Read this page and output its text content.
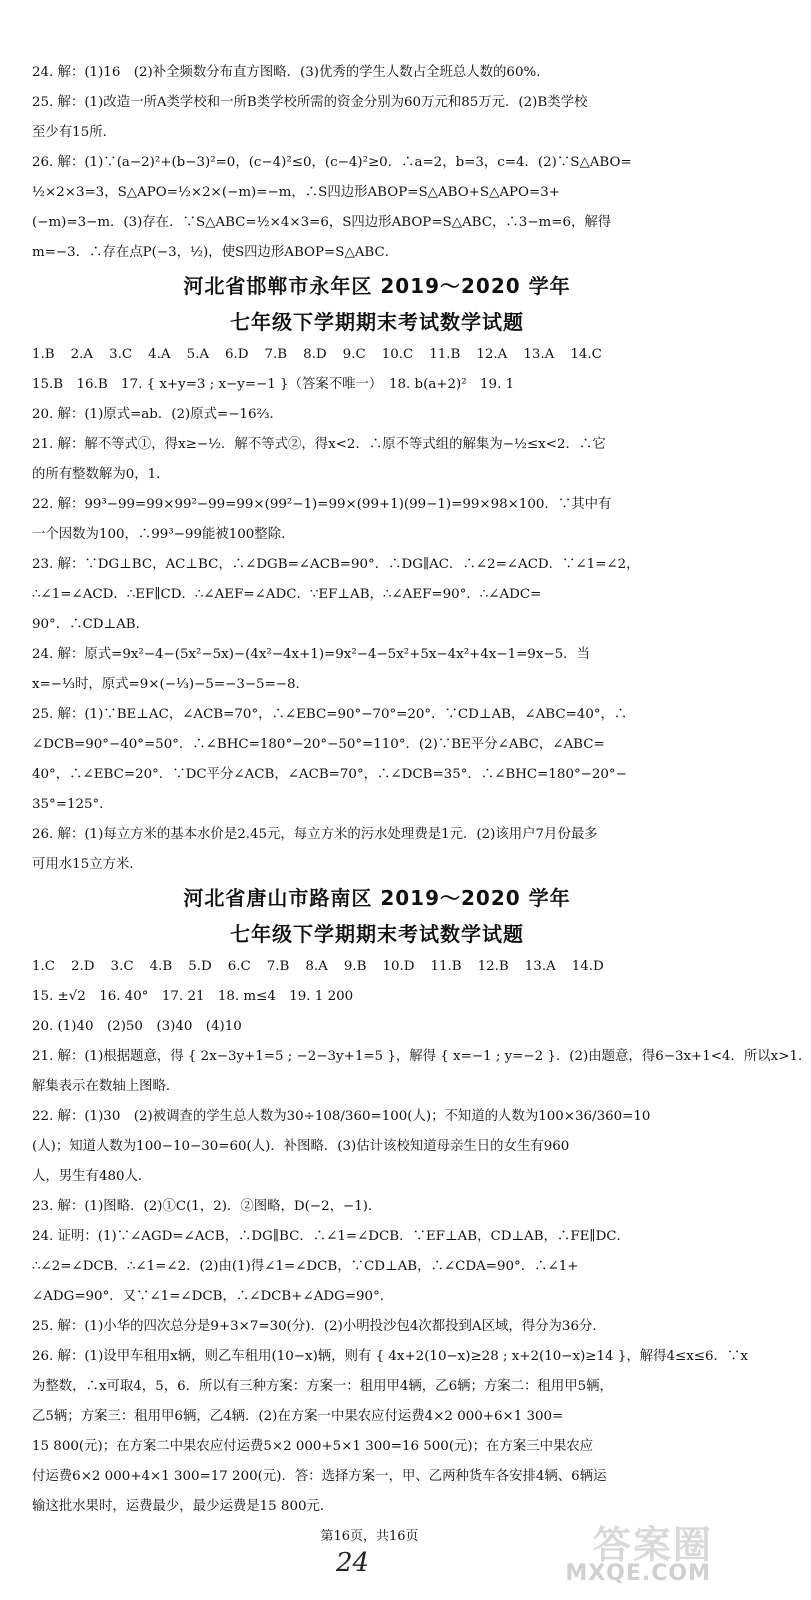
24. 解：(1)16　(2)补全频数分布直方图略．(3)优秀的学生人数占全班总人数的60%．
25. 解：(1)改造一所A类学校和一所B类学校所需的资金分别为60万元和85万元．(2)B类学校
至少有15所．
26. 解：(1)∵(a−2)²+(b−3)²=0，(c−4)²≤0，(c−4)²≥0．∴a=2，b=3，c=4．(2)∵S△ABO=
½×2×3=3，S△APO=½×2×(−m)=−m，∴S四边形ABOP=S△ABO+S△APO=3+
(−m)=3−m．(3)存在．∵S△ABC=½×4×3=6，S四边形ABOP=S△ABC，∴3−m=6，解得
m=−3．∴存在点P(−3，½)，使S四边形ABOP=S△ABC．
河北省邯郸市永年区 2019～2020 学年
七年级下学期期末考试数学试题
1.B 2.A 3.C 4.A 5.A 6.D 7.B 8.D 9.C 10.C 11.B 12.A 13.A 14.C
15.B　16.B　17. { x+y=3 ; x−y=−1 }（答案不唯一）　18. b(a+2)²　19. 1
20. 解：(1)原式=ab．(2)原式=−16⅔．
21. 解：解不等式①，得x≥−½．解不等式②，得x<2．∴原不等式组的解集为−½≤x<2．∴它
的所有整数解为0，1．
22. 解：99³−99=99×99²−99=99×(99²−1)=99×(99+1)(99−1)=99×98×100．∵其中有
一个因数为100，∴99³−99能被100整除．
23. 解：∵DG⊥BC，AC⊥BC，∴∠DGB=∠ACB=90°．∴DG∥AC．∴∠2=∠ACD．∵∠1=∠2，
∴∠1=∠ACD．∴EF∥CD．∴∠AEF=∠ADC．∵EF⊥AB，∴∠AEF=90°．∴∠ADC=
90°．∴CD⊥AB．
24. 解：原式=9x²−4−(5x²−5x)−(4x²−4x+1)=9x²−4−5x²+5x−4x²+4x−1=9x−5．当
x=−⅓时，原式=9×(−⅓)−5=−3−5=−8．
25. 解：(1)∵BE⊥AC，∠ACB=70°，∴∠EBC=90°−70°=20°．∵CD⊥AB，∠ABC=40°，∴
∠DCB=90°−40°=50°．∴∠BHC=180°−20°−50°=110°．(2)∵BE平分∠ABC，∠ABC=
40°，∴∠EBC=20°．∵DC平分∠ACB，∠ACB=70°，∴∠DCB=35°．∴∠BHC=180°−20°−
35°=125°．
26. 解：(1)每立方米的基本水价是2.45元，每立方米的污水处理费是1元．(2)该用户7月份最多
可用水15立方米．
河北省唐山市路南区 2019～2020 学年
七年级下学期期末考试数学试题
1.C 2.D 3.C 4.B 5.D 6.C 7.B 8.A 9.B 10.D 11.B 12.B 13.A 14.D
15. ±√2　16. 40°　17. 21　18. m≤4　19. 1 200
20. (1)40　(2)50　(3)40　(4)10
21. 解：(1)根据题意，得 { 2x−3y+1=5 ; −2−3y+1=5 }，解得 { x=−1 ; y=−2 }．(2)由题意，得6−3x+1<4．所以x>1．
解集表示在数轴上图略．
22. 解：(1)30　(2)被调查的学生总人数为30÷108/360=100(人)；不知道的人数为100×36/360=10
(人)；知道人数为100−10−30=60(人)．补图略．(3)估计该校知道母亲生日的女生有960
人，男生有480人．
23. 解：(1)图略．(2)①C(1，2)．②图略，D(−2，−1)．
24. 证明：(1)∵∠AGD=∠ACB，∴DG∥BC．∴∠1=∠DCB．∵EF⊥AB，CD⊥AB，∴FE∥DC．
∴∠2=∠DCB．∴∠1=∠2．(2)由(1)得∠1=∠DCB，∵CD⊥AB，∴∠CDA=90°．∴∠1+
∠ADG=90°．又∵∠1=∠DCB，∴∠DCB+∠ADG=90°．
25. 解：(1)小华的四次总分是9+3×7=30(分)．(2)小明投沙包4次都投到A区域，得分为36分．
26. 解：(1)设甲车租用x辆，则乙车租用(10−x)辆，则有 { 4x+2(10−x)≥28 ; x+2(10−x)≥14 }，解得4≤x≤6．∵x
为整数，∴x可取4，5，6．所以有三种方案：方案一：租用甲4辆，乙6辆；方案二：租用甲5辆，
乙5辆；方案三：租用甲6辆，乙4辆．(2)在方案一中果农应付运费4×2 000+6×1 300=
15 800(元)；在方案二中果农应付运费5×2 000+5×1 300=16 500(元)；在方案三中果农应
付运费6×2 000+4×1 300=17 200(元)．答：选择方案一，甲、乙两种货车各安排4辆、6辆运
输这批水果时，运费最少，最少运费是15 800元．
第16页，共16页
24	答案圈
MXQE.COM
